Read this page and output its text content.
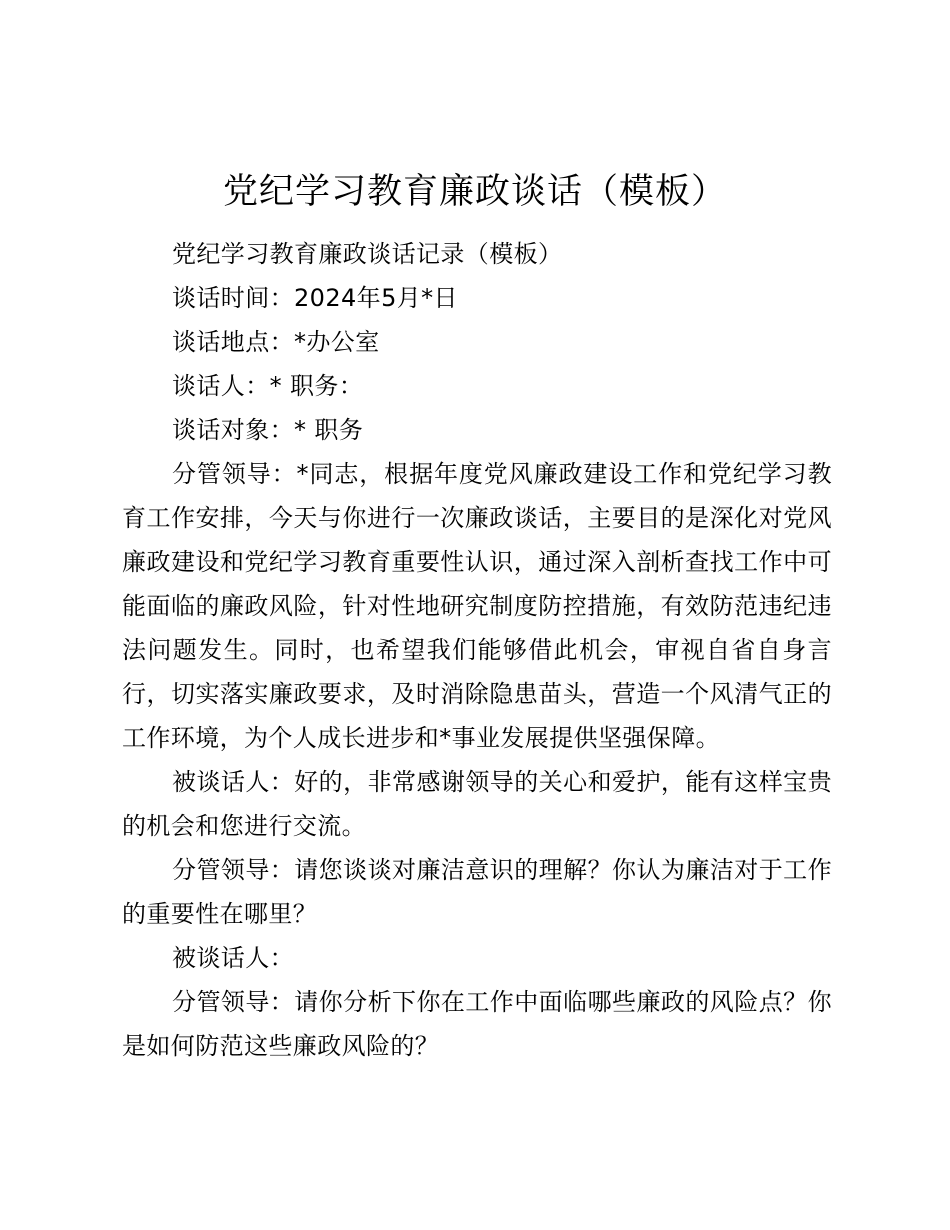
党纪学习教育廉政谈话（模板）

党纪学习教育廉政谈话记录（模板）

谈话时间：2024年5月*日

谈话地点：*办公室

谈话人：* 职务：

谈话对象：* 职务

分管领导：*同志，根据年度党风廉政建设工作和党纪学习教育工作安排，今天与你进行一次廉政谈话，主要目的是深化对党风廉政建设和党纪学习教育重要性认识，通过深入剖析查找工作中可能面临的廉政风险，针对性地研究制度防控措施，有效防范违纪违法问题发生。同时，也希望我们能够借此机会，审视自省自身言行，切实落实廉政要求，及时消除隐患苗头，营造一个风清气正的工作环境，为个人成长进步和*事业发展提供坚强保障。

被谈话人：好的，非常感谢领导的关心和爱护，能有这样宝贵的机会和您进行交流。

分管领导：请您谈谈对廉洁意识的理解？你认为廉洁对于工作的重要性在哪里？

被谈话人：

分管领导：请你分析下你在工作中面临哪些廉政的风险点？你是如何防范这些廉政风险的？
